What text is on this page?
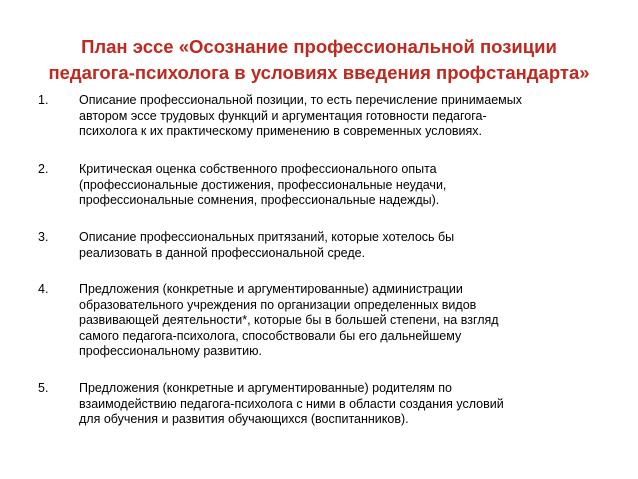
План эссе «Осознание профессиональной позиции
педагога-психолога в условиях введения профстандарта»
1. Описание профессиональной позиции, то есть перечисление принимаемых
автором эссе трудовых функций и аргументация готовности педагога-
психолога к их практическому применению в современных условиях.
2. Критическая оценка собственного профессионального опыта
(профессиональные достижения, профессиональные неудачи,
профессиональные сомнения, профессиональные надежды).
3. Описание профессиональных притязаний, которые хотелось бы
реализовать в данной профессиональной среде.
4. Предложения (конкретные и аргументированные) администрации
образовательного учреждения по организации определенных видов
развивающей деятельности*, которые бы в большей степени, на взгляд
самого педагога-психолога, способствовали бы его дальнейшему
профессиональному развитию.
5. Предложения (конкретные и аргументированные) родителям по
взаимодействию педагога-психолога с ними в области создания условий
для обучения и развития обучающихся (воспитанников).
